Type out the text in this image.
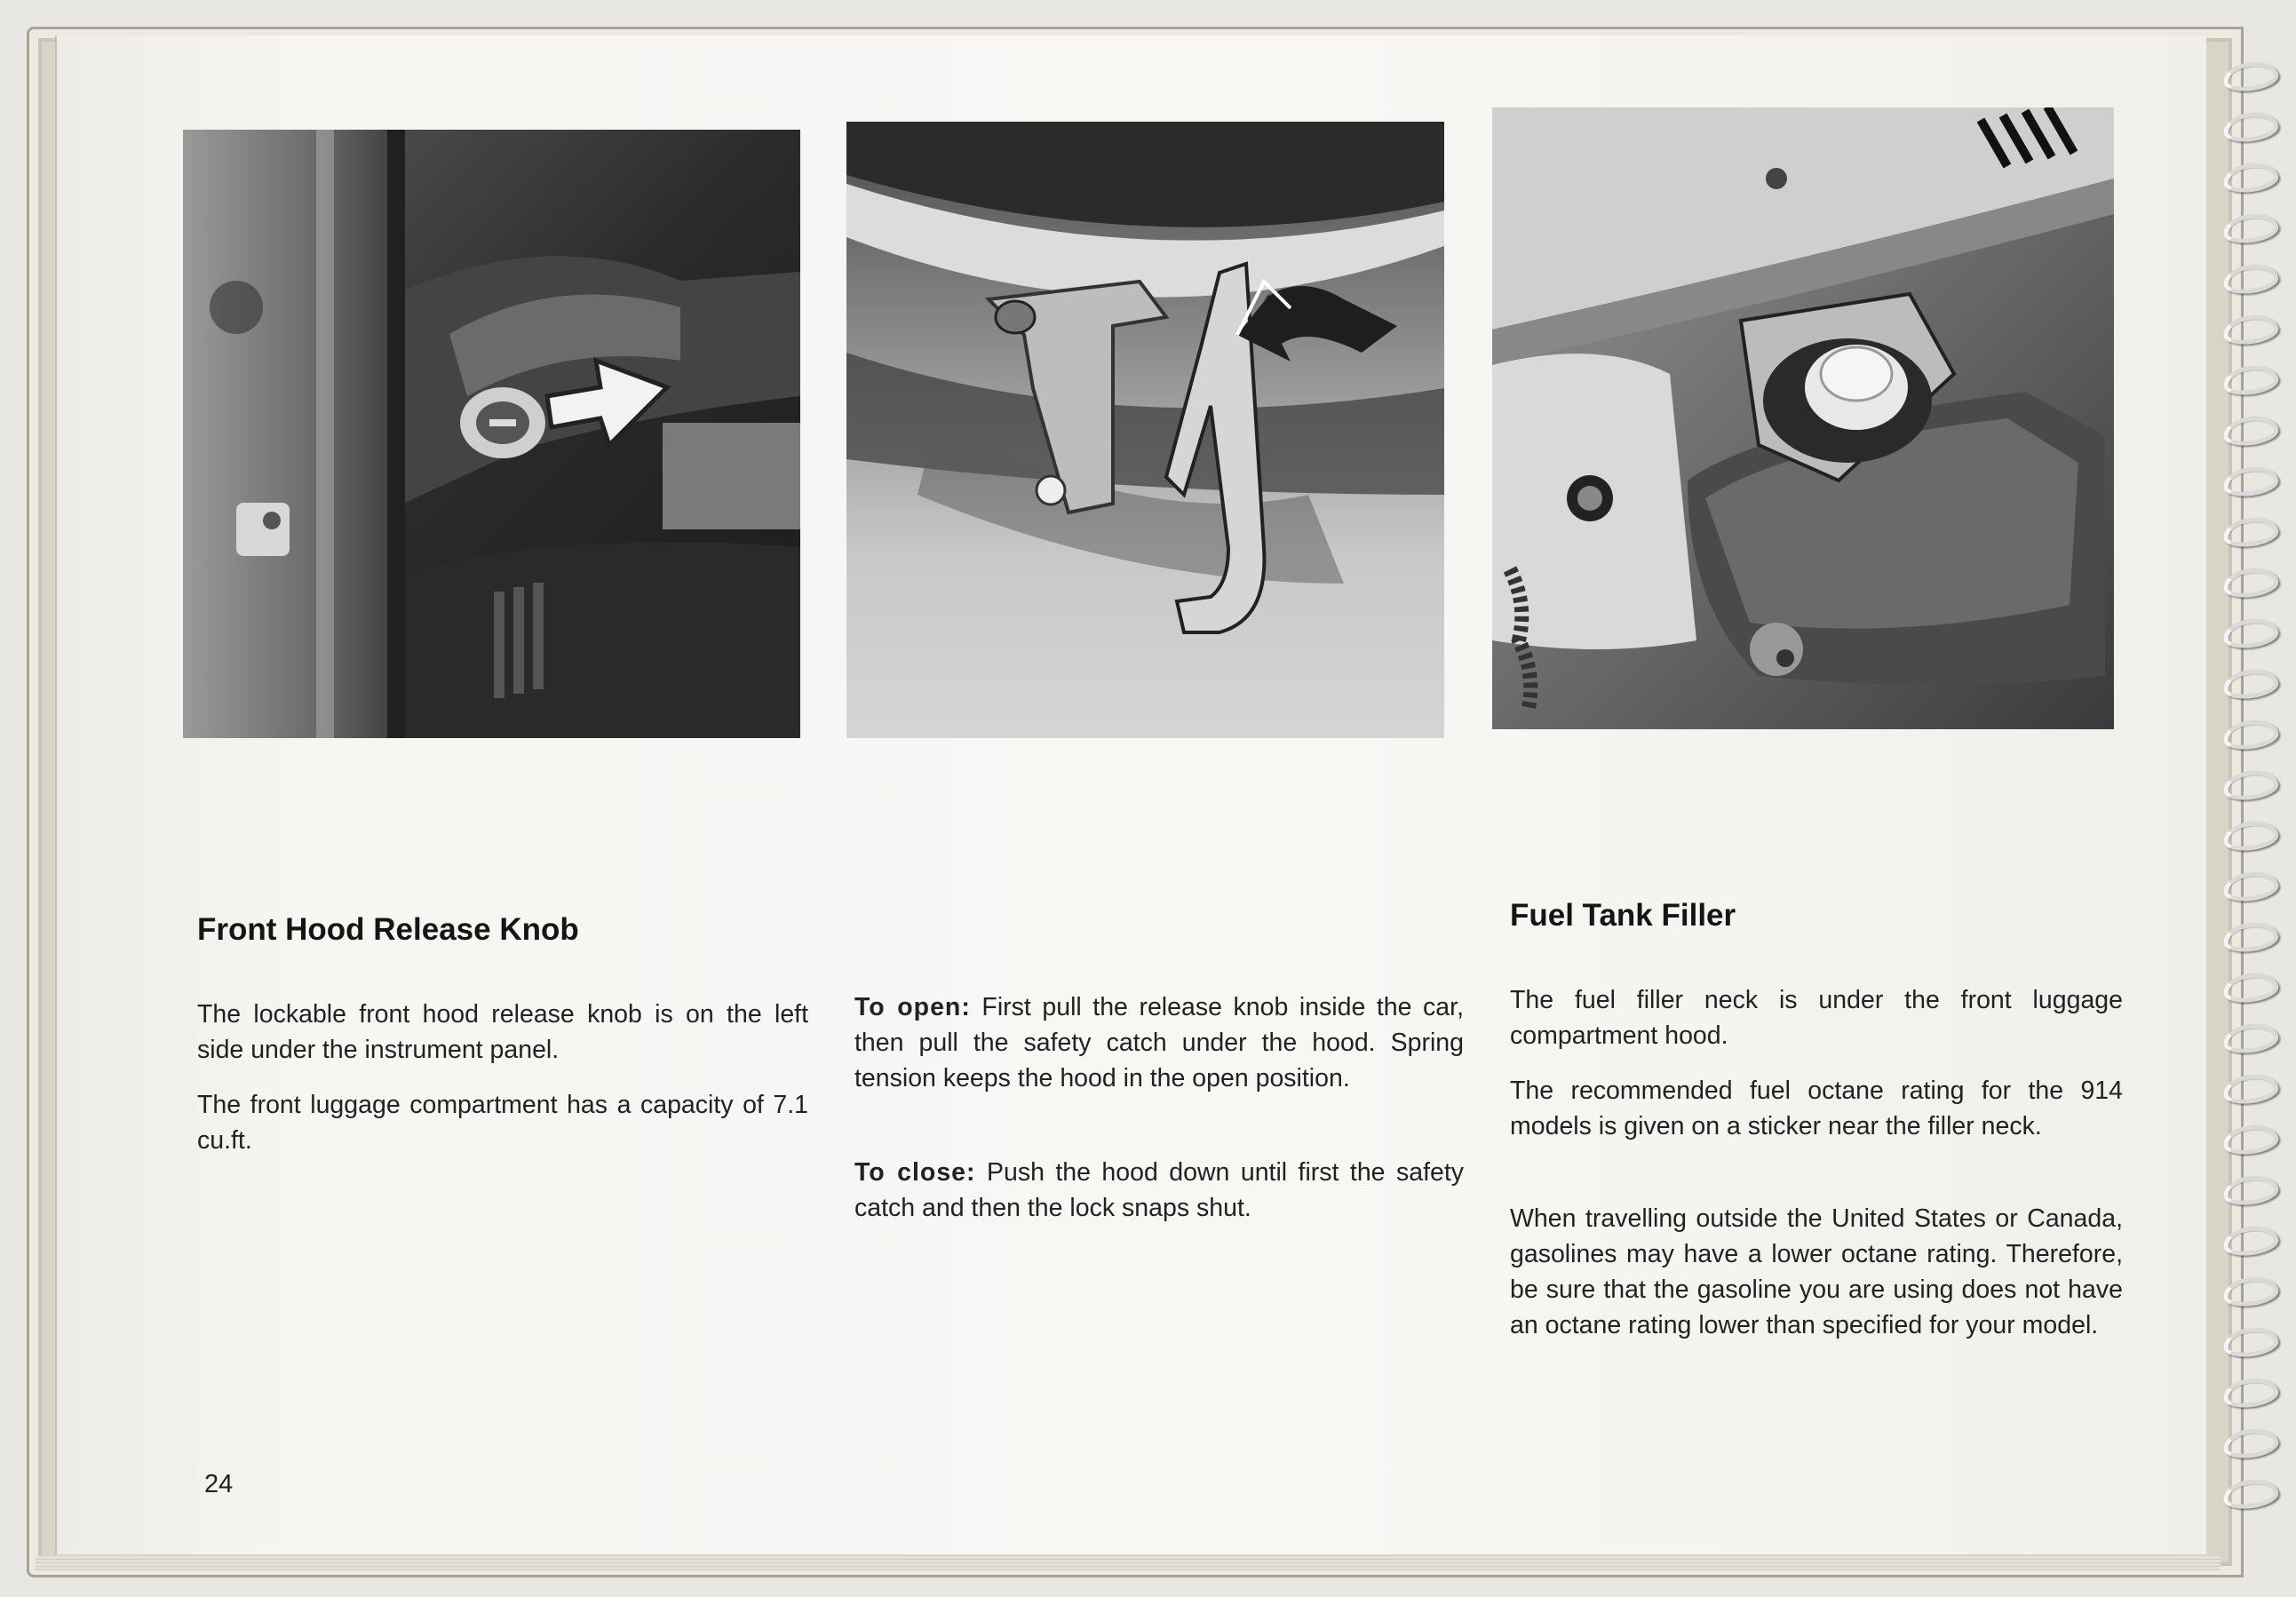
Front Hood Release Knob

The lockable front hood release knob is on the left side under the instrument panel.

The front luggage compartment has a capacity of 7.1 cu.ft.

To open: First pull the release knob inside the car, then pull the safety catch under the hood. Spring tension keeps the hood in the open position.

To close: Push the hood down until first the safety catch and then the lock snaps shut.

Fuel Tank Filler

The fuel filler neck is under the front luggage compartment hood.

The recommended fuel octane rating for the 914 models is given on a sticker near the filler neck.

When travelling outside the United States or Canada, gasolines may have a lower octane rating. Therefore, be sure that the gasoline you are using does not have an octane rating lower than specified for your model.

24
